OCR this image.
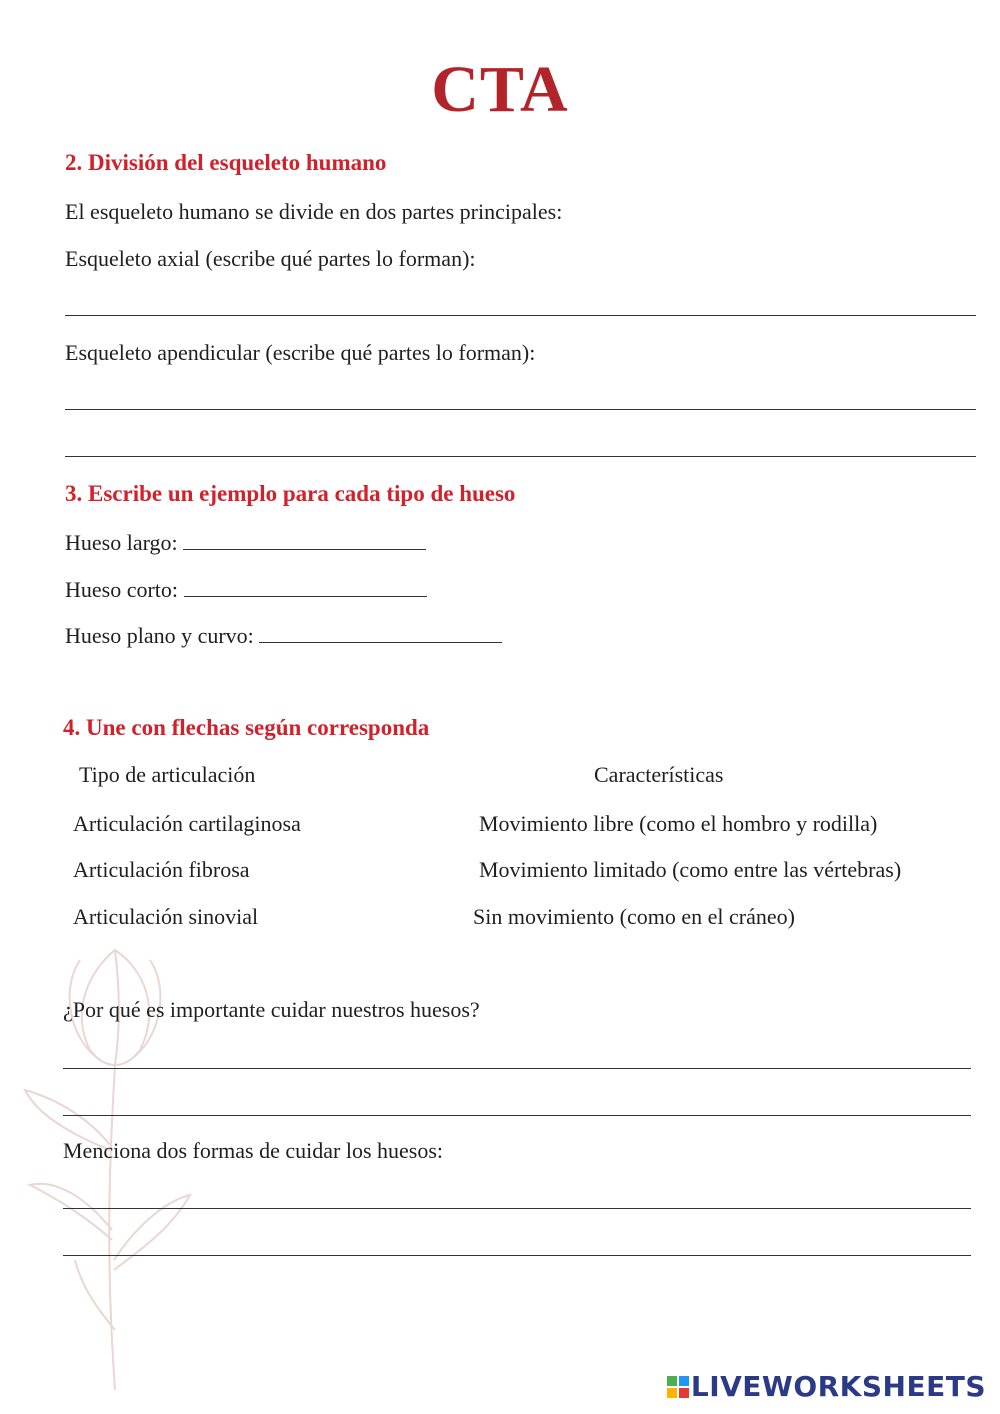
CTA
2. División del esqueleto humano
El esqueleto humano se divide en dos partes principales:
Esqueleto axial (escribe qué partes lo forman):
Esqueleto apendicular (escribe qué partes lo forman):
3. Escribe un ejemplo para cada tipo de hueso
Hueso largo:
Hueso corto:
Hueso plano y curvo:
4. Une con flechas según corresponda
Tipo de articulación	Características
Articulación cartilaginosa
Articulación fibrosa
Articulación sinovial
Movimiento libre (como el hombro y rodilla)
Movimiento limitado (como entre las vértebras)
Sin movimiento (como en el cráneo)
¿Por qué es importante cuidar nuestros huesos?
Menciona dos formas de cuidar los huesos:
LIVEWORKSHEETS
